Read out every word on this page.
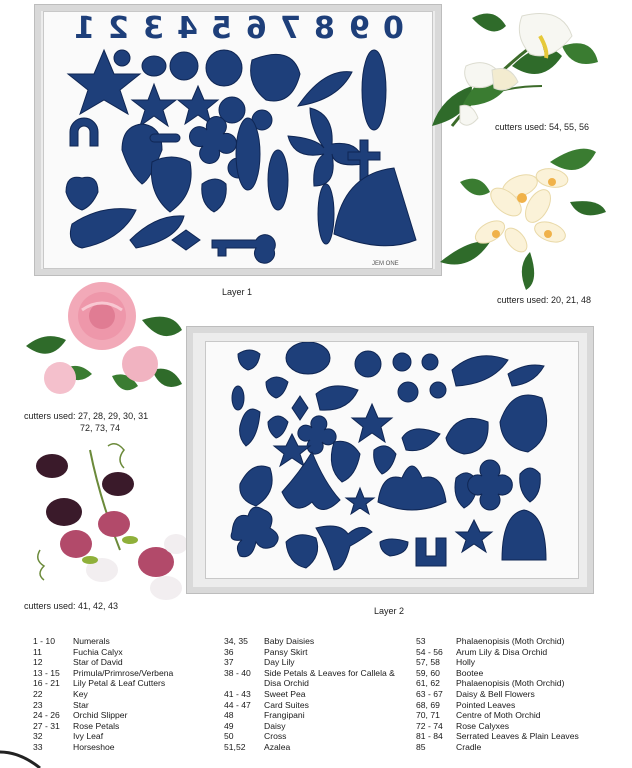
1 2 3 4 5 6 7 8 9 0
JEM ONE
Layer 1
cutters used: 54, 55, 56
cutters used: 20, 21, 48
cutters used: 27, 28, 29, 30, 31
72, 73, 74
cutters used: 41, 42, 43	Layer 2
1 - 10	Numerals
11	Fuchia Calyx
12	Star of David
13 - 15	Primula/Primrose/Verbena
16 - 21	Lily Petal & Leaf Cutters
22	Key
23	Star
24 - 26	Orchid Slipper
27 - 31	Rose Petals
32	Ivy Leaf
33	Horseshoe
34, 35	Baby Daisies
36	Pansy Skirt
37	Day Lily
38 - 40	Side Petals & Leaves for Callela &
Disa Orchid
41 - 43	Sweet Pea
44 - 47	Card Suites
48	Frangipani
49	Daisy
50	Cross
51,52	Azalea
53	Phalaenopisis (Moth Orchid)
54 - 56	Arum Lily & Disa Orchid
57, 58	Holly
59, 60	Bootee
61, 62	Phalaenopisis (Moth Orchid)
63 - 67	Daisy & Bell Flowers
68, 69	Pointed Leaves
70, 71	Centre of Moth Orchid
72 - 74	Rose Calyxes
81 - 84	Serrated Leaves & Plain Leaves
85	Cradle
